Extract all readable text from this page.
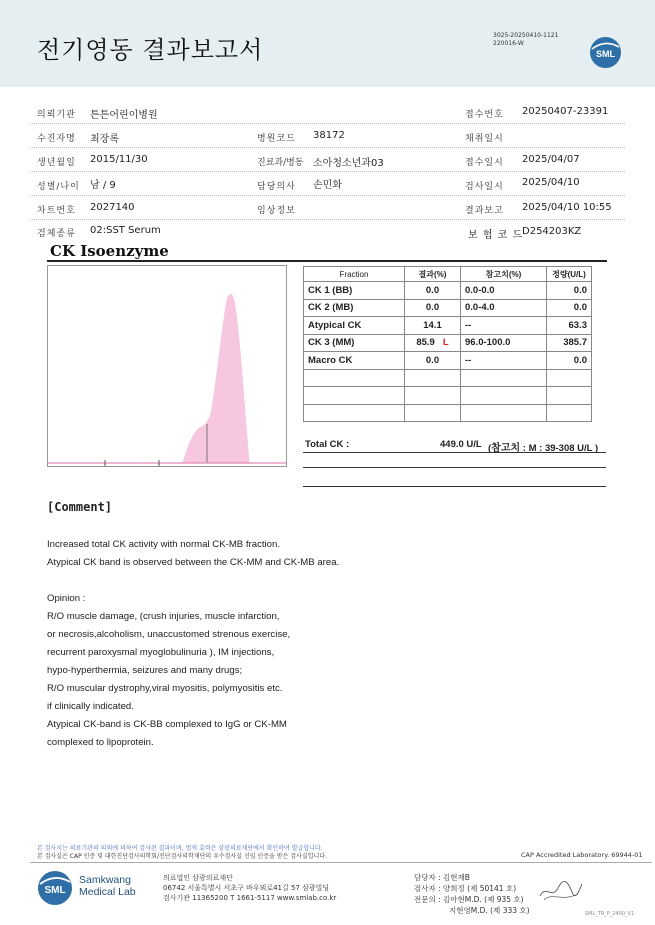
전기영동 결과보고서
3025-20250410-1121
220016-W
SML
의뢰기관 튼튼어린이병원	접수번호 20250407-23391
수진자명 최장록	병원코드 38172	채취일시
생년월일 2015/11/30	진료과/병동 소아청소년과03	접수일시 2025/04/07
성별/나이 남 / 9	담당의사 손민화	검사일시 2025/04/10
차트번호 2027140	임상정보	결과보고 2025/04/10 10:55
검체종류 02:SST Serum	보 험 코 드
D254203KZ
CK Isoenzyme
Fraction	결과(%)	참고치(%)	정량(U/L)
CK 1 (BB)	0.0	0.0-0.0	0.0
CK 2 (MB)	0.0	0.0-4.0	0.0
Atypical CK	14.1	--	63.3
CK 3 (MM)	85.9 L	96.0-100.0	385.7
Macro CK	0.0	--	0.0

Total CK :	449.0 U/L (참고치 : M : 39-308 U/L )
[Comment]
Increased total CK activity with normal CK-MB fraction.
Atypical CK band is observed between the CK-MM and CK-MB area.
Opinion :
R/O muscle damage, (crush injuries, muscle infarction,
or necrosis,alcoholism, unaccustomed strenous exercise,
recurrent paroxysmal myoglobulinuria ), IM injections,
hypo-hyperthermia, seizures and many drugs;
R/O muscular dystrophy,viral myositis, polymyositis etc.
if clinically indicated.
Atypical CK-band is CK-BB complexed to IgG or CK-MM
complexed to lipoprotein.
본 검사지는 의료기관의 의뢰에 의하여 검사된 결과이며, 법적 효력은 삼광의료재단에서 확인하여 발급합니다.
본 검사실은 CAP 인증 및 대한진단검사의학회/진단검사의학재단의 우수검사실 신임 인증을 받은 검사실입니다.	CAP Accredited Laboratory. 69944-01
SML
Samkwang
Medical Lab
의료법인 삼광의료재단
06742 서울특별시 서초구 바우뫼로41길 57 삼광빌딩
검사기관 11365200 T 1661-5117 www.smlab.co.kr
담당자 : 김현재B
검사자 : 양희정 (제 50141 호)
전문의 : 김아현M.D. (제 935 호)
지현영M.D. (제 333 호)	SML_TR_P_2400_V1
